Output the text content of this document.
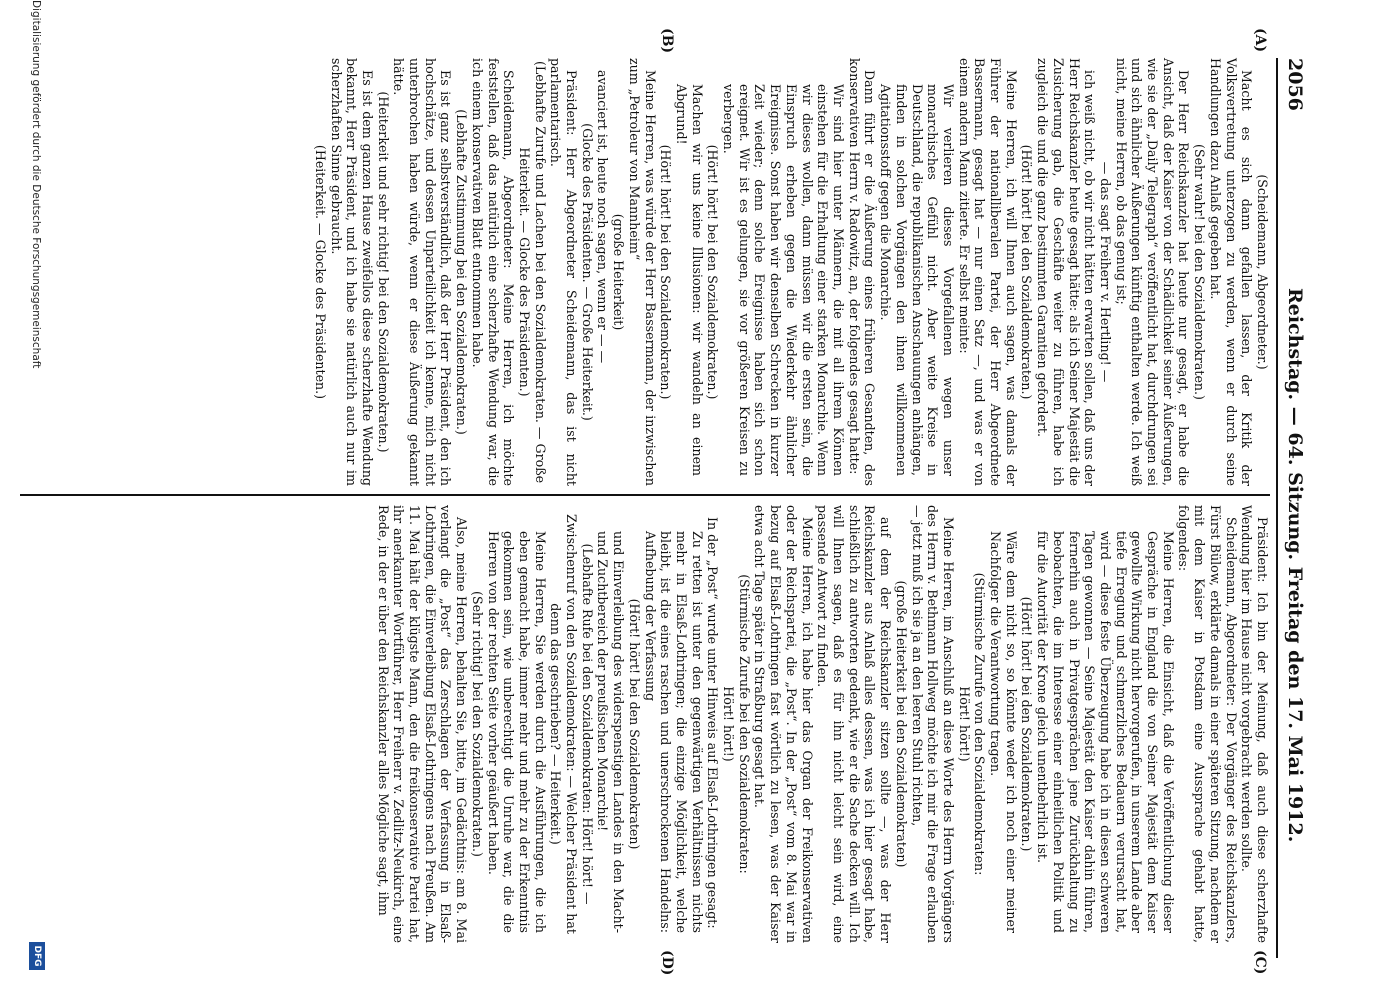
2056
Reichstag. — 64. Sitzung. Freitag den 17. Mai 1912.
(A)
(B)
(C)
(D)

(Scheidemann, Abgeordneter.)

Macht es sich dann gefallen lassen, der Kritik der Volksvertretung unterzogen zu werden, wenn er durch seine Handlungen dazu Anlaß gegeben hat.

(Sehr wahr! bei den Sozialdemokraten.)

Der Herr Reichskanzler hat heute nur gesagt, er habe die Ansicht, daß der Kaiser von der Schädlichkeit seiner Äußerungen, wie sie der „Daily Telegraph“ veröffentlicht hat, durchdrungen sei und sich ähnlicher Äußerungen künftig enthalten werde. Ich weiß nicht, meine Herren, ob das genug ist;

— das sagt Freiherr v. Hertling! —

ich weiß nicht, ob wir nicht hätten erwarten sollen, daß uns der Herr Reichskanzler heute gesagt hätte: als ich Seiner Majestät die Zusicherung gab, die Geschäfte weiter zu führen, habe ich zugleich die und die ganz bestimmten Garantien gefordert.

(Hört! hört! bei den Sozialdemokraten.)

Meine Herren, ich will Ihnen auch sagen, was damals der Führer der nationalliberalen Partei, der Herr Abgeordnete Bassermann, gesagt hat — nur einen Satz —, und was er von einem andern Mann zitierte. Er selbst meinte:

Wir verlieren dieses Vorgefallenen wegen unser monarchisches Gefühl nicht. Aber weite Kreise in Deutschland, die republikanischen Anschauungen anhängen, finden in solchen Vorgängen den ihnen willkommenen Agitationsstoff gegen die Monarchie.

Dann führt er die Äußerung eines früheren Gesandten, des konservativen Herrn v. Radowitz, an, der folgendes gesagt hatte:

Wir sind hier unter Männern, die mit all ihrem Können einstehen für die Erhaltung einer starken Monarchie. Wenn wir dieses wollen, dann müssen wir die ersten sein, die Einspruch erheben gegen die Wiederkehr ähnlicher Ereignisse. Sonst haben wir denselben Schrecken in kurzer Zeit wieder; denn solche Ereignisse haben sich schon ereignet. Wir ist es gelungen, sie vor größeren Kreisen zu verbergen.

(Hört! hört! bei den Sozialdemokraten.)

Machen wir uns keine Illusionen: wir wandeln an einem Abgrund!

(Hört! hört! bei den Sozialdemokraten.)

Meine Herren, was würde der Herr Bassermann, der inzwischen zum „Petroleur von Mannheim“

(große Heiterkeit)

avanciert ist, heute noch sagen, wenn er — —

(Glocke des Präsidenten. — Große Heiterkeit.)

Präsident: Herr Abgeordneter Scheidemann, das ist nicht parlamentarisch.

(Lebhafte Zurufe und Lachen bei den Sozialdemokraten. — Große Heiterkeit. — Glocke des Präsidenten.)

Scheidemann, Abgeordneter: Meine Herren, ich möchte feststellen, daß das natürlich eine scherzhafte Wendung war, die ich einem konservativen Blatt entnommen habe.

(Lebhafte Zustimmung bei den Sozialdemokraten.)

Es ist ganz selbstverständlich, daß der Herr Präsident, den ich hochschätze, und dessen Unparteilichkeit ich kenne, mich nicht unterbrochen haben würde, wenn er diese Äußerung gekannt hätte.

(Heiterkeit und sehr richtig! bei den Sozialdemokraten.)

Es ist dem ganzen Hause zweifellos diese scherzhafte Wendung bekannt, Herr Präsident, und ich habe sie natürlich auch nur im scherzhaften Sinne gebraucht.

(Heiterkeit. — Glocke des Präsidenten.)

Präsident: Ich bin der Meinung, daß auch diese scherzhafte Wendung hier im Hause nicht vorgebracht werden sollte.

Scheidemann, Abgeordneter: Der Vorgänger des Reichskanzlers, Fürst Bülow, erklärte damals in einer späteren Sitzung, nachdem er mit dem Kaiser in Potsdam eine Aussprache gehabt hatte, folgendes:

Meine Herren, die Einsicht, daß die Veröffentlichung dieser Gespräche in England die von Seiner Majestät dem Kaiser gewollte Wirkung nicht hervorgerufen, in unserem Lande aber tiefe Erregung und schmerzliches Bedauern verursacht hat, wird — diese feste Überzeugung habe ich in diesen schweren Tagen gewonnen — Seine Majestät den Kaiser dahin führen, fernerhin auch in Privatgesprächen jene Zurückhaltung zu beobachten, die im Interesse einer einheitlichen Politik und für die Autorität der Krone gleich unentbehrlich ist.

(Hört! hört! bei den Sozialdemokraten.)

Wäre dem nicht so, so könnte weder ich noch einer meiner Nachfolger die Verantwortung tragen.

(Stürmische Zurufe von den Sozialdemokraten:

Hört! hört!)

Meine Herren, im Anschluß an diese Worte des Herrn Vorgängers des Herrn v. Bethmann Hollweg möchte ich mir die Frage erlauben — jetzt muß ich sie ja an den leeren Stuhl richten,

(große Heiterkeit bei den Sozialdemokraten)

auf dem der Reichskanzler sitzen sollte —, was der Herr Reichskanzler aus Anlaß alles dessen, was ich hier gesagt habe, schließlich zu antworten gedenkt, wie er die Sache decken will. Ich will Ihnen sagen, daß es für ihn nicht leicht sein wird, eine passende Antwort zu finden.

Meine Herren, ich habe hier das Organ der Freikonservativen oder der Reichspartei, die „Post“. In der „Post“ vom 8. Mai war in bezug auf Elsaß-Lothringen fast wörtlich zu lesen, was der Kaiser etwa acht Tage später in Straßburg gesagt hat.

(Stürmische Zurufe bei den Sozialdemokraten:

Hört! hört!)

In der „Post“ wurde unter Hinweis auf Elsaß-Lothringen gesagt:

Zu retten ist unter den gegenwärtigen Verhältnissen nichts mehr in Elsaß-Lothringen; die einzige Möglichkeit, welche bleibt, ist die eines raschen und unerschrockenen Handelns: Aufhebung der Verfassung

(Hört! hört! bei den Sozialdemokraten)

und Einverleibung des widerspenstigen Landes in den Macht- und Zuchtbereich der preußischen Monarchie!

(Lebhafte Rufe bei den Sozialdemokraten: Hört! hört! — Zwischenruf von den Sozialdemokraten: — Welcher Präsident hat denn das geschrieben? — Heiterkeit.)

Meine Herren, Sie werden durch die Ausführungen, die ich eben gemacht habe, immer mehr und mehr zu der Erkenntnis gekommen sein, wie unberechtigt die Unruhe war, die die Herren von der rechten Seite vorher geäußert haben.

(Sehr richtig! bei den Sozialdemokraten.)

Also, meine Herren, behalten Sie, bitte, im Gedächtnis: am 8. Mai verlangt die „Post“ das Zerschlagen der Verfassung in Elsaß-Lothringen, die Einverleibung Elsaß-Lothringens nach Preußen. Am 11. Mai hält der klügste Mann, den die freikonservative Partei hat, ihr anerkannter Wortführer, Herr Freiherr v. Zedlitz-Neukirch, eine Rede, in der er über den Reichskanzler alles Mögliche sagt, ihm

Digitalisierung gefördert durch die Deutsche Forschungsgemeinschaft
DFG
